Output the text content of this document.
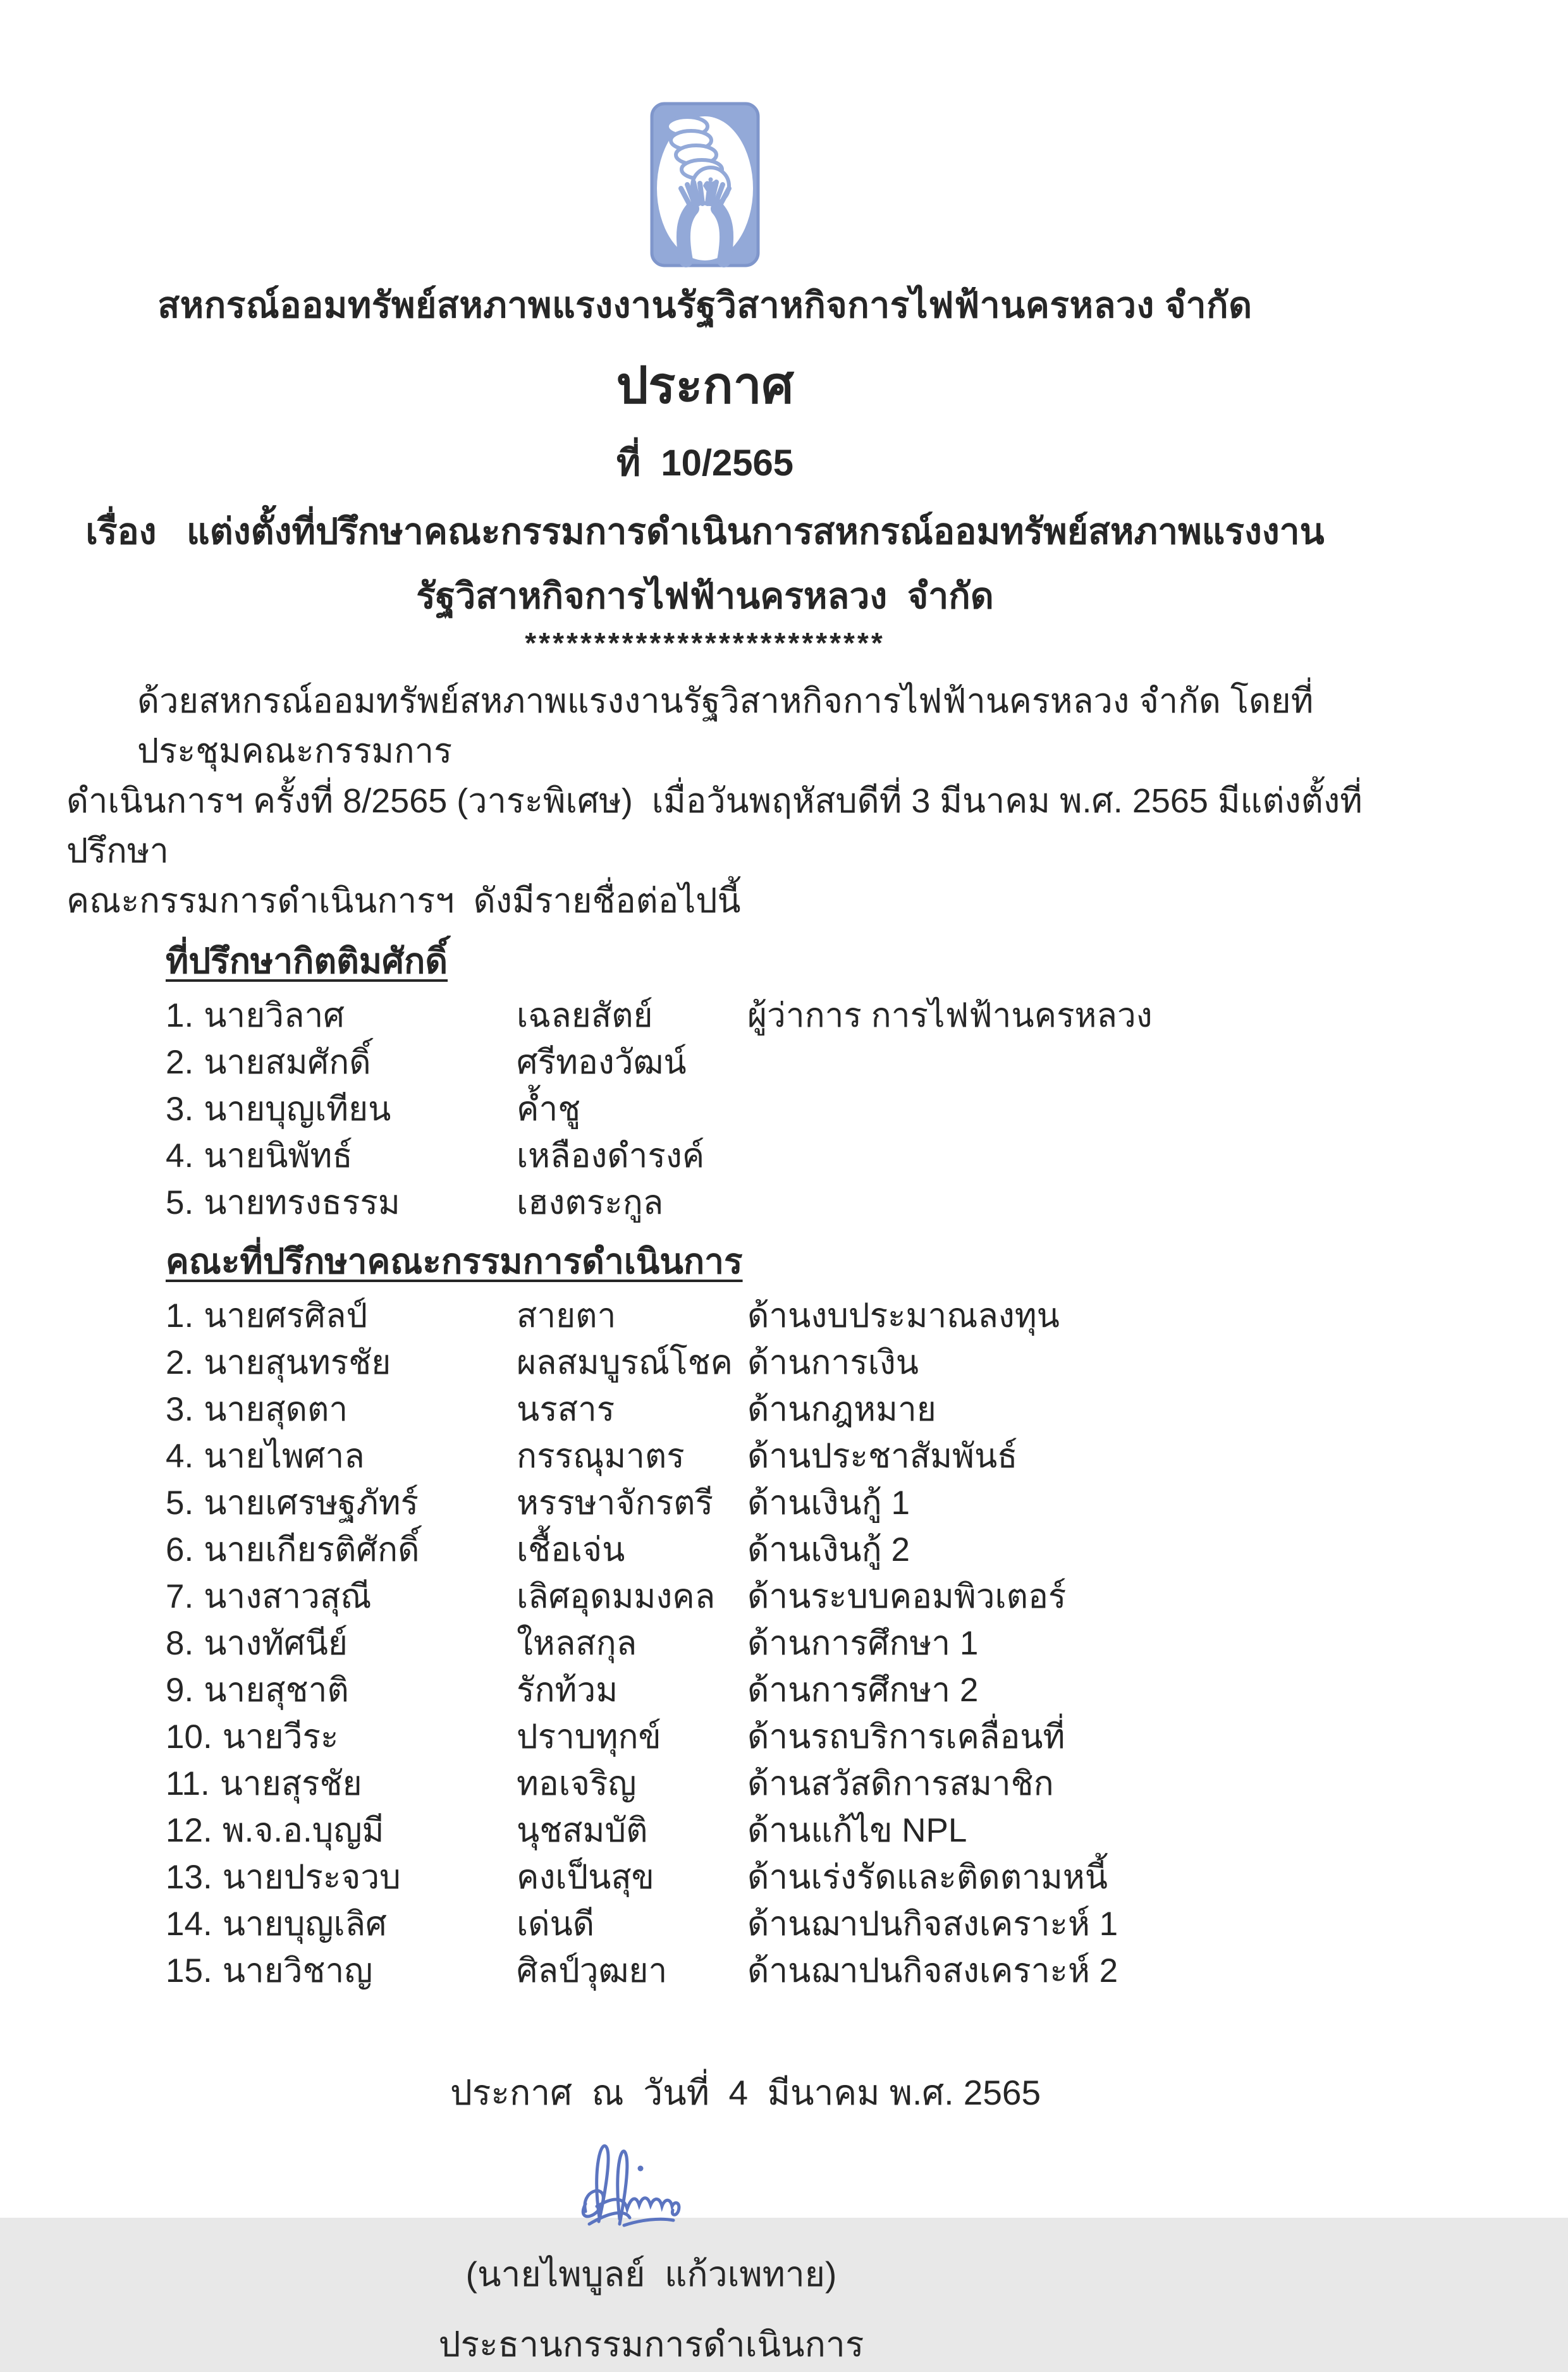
สหกรณ์ออมทรัพย์สหภาพแรงงานรัฐวิสาหกิจการไฟฟ้านครหลวง จำกัด
ประกาศ
ที่  10/2565
เรื่อง   แต่งตั้งที่ปรึกษาคณะกรรมการดำเนินการสหกรณ์ออมทรัพย์สหภาพแรงงาน
รัฐวิสาหกิจการไฟฟ้านครหลวง  จำกัด
**************************
ด้วยสหกรณ์ออมทรัพย์สหภาพแรงงานรัฐวิสาหกิจการไฟฟ้านครหลวง จำกัด โดยที่ประชุมคณะกรรมการ
ดำเนินการฯ ครั้งที่ 8/2565 (วาระพิเศษ)  เมื่อวันพฤหัสบดีที่ 3 มีนาคม พ.ศ. 2565 มีแต่งตั้งที่ปรึกษา
คณะกรรมการดำเนินการฯ  ดังมีรายชื่อต่อไปนี้
ที่ปรึกษากิตติมศักดิ์
1. นายวิลาศ	เฉลยสัตย์	ผู้ว่าการ การไฟฟ้านครหลวง
2. นายสมศักดิ์	ศรีทองวัฒน์
3. นายบุญเทียน	ค้ำชู
4. นายนิพัทธ์	เหลืองดำรงค์
5. นายทรงธรรม	เฮงตระกูล
คณะที่ปรึกษาคณะกรรมการดำเนินการ
1. นายศรศิลป์	สายตา	ด้านงบประมาณลงทุน
2. นายสุนทรชัย	ผลสมบูรณ์โชค ด้านการเงิน
3. นายสุดตา	นรสาร	ด้านกฎหมาย
4. นายไพศาล	กรรณุมาตร	ด้านประชาสัมพันธ์
5. นายเศรษฐภัทร์	หรรษาจักรตรี	ด้านเงินกู้ 1
6. นายเกียรติศักดิ์	เชื้อเจ่น	ด้านเงินกู้ 2
7. นางสาวสุณี	เลิศอุดมมงคล ด้านระบบคอมพิวเตอร์
8. นางทัศนีย์	ใหลสกุล	ด้านการศึกษา 1
9. นายสุชาติ	รักท้วม	ด้านการศึกษา 2
10. นายวีระ	ปราบทุกข์	ด้านรถบริการเคลื่อนที่
11. นายสุรชัย	ทอเจริญ	ด้านสวัสดิการสมาชิก
12. พ.จ.อ.บุญมี	นุชสมบัติ	ด้านแก้ไข NPL
13. นายประจวบ	คงเป็นสุข	ด้านเร่งรัดและติดตามหนี้
14. นายบุญเลิศ	เด่นดี	ด้านฌาปนกิจสงเคราะห์ 1
15. นายวิชาญ	ศิลป์วุฒยา	ด้านฌาปนกิจสงเคราะห์ 2
ประกาศ  ณ  วันที่  4  มีนาคม พ.ศ. 2565
(นายไพบูลย์  แก้วเพทาย)
ประธานกรรมการดำเนินการ
